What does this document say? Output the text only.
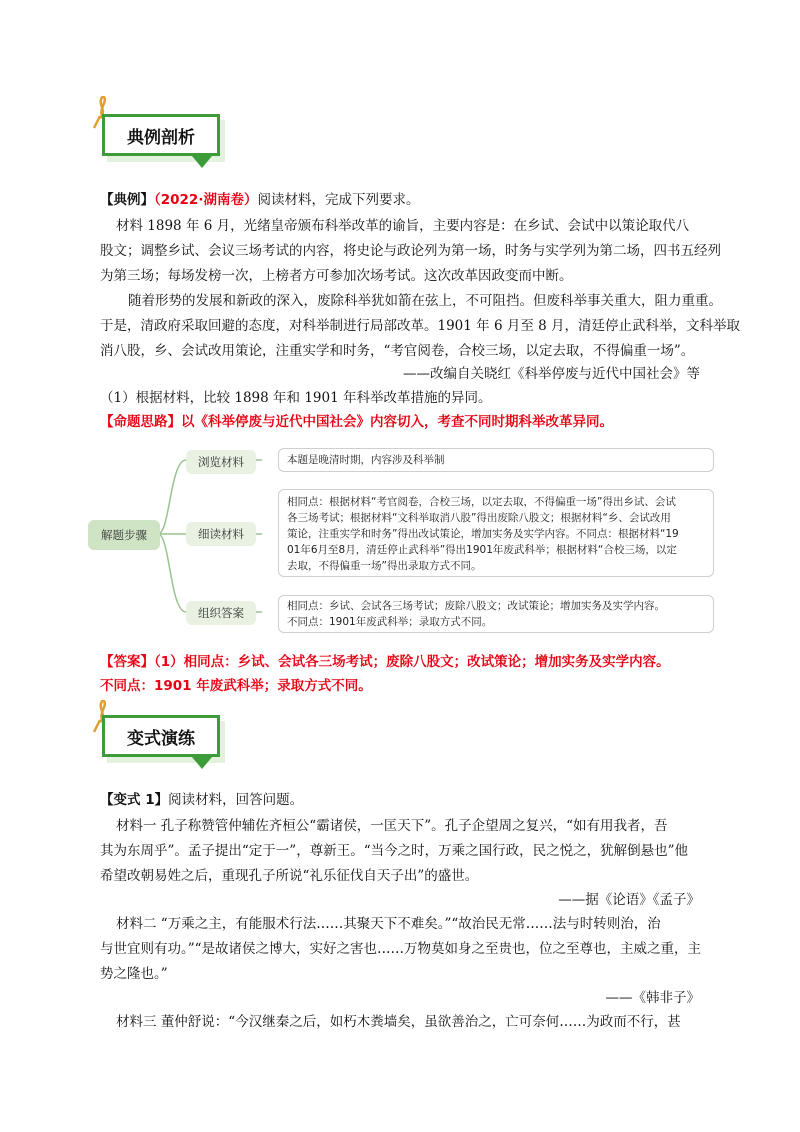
典例剖析
【典例】（2022·湖南卷）阅读材料，完成下列要求。
材料 1898 年 6 月，光绪皇帝颁布科举改革的谕旨，主要内容是：在乡试、会试中以策论取代八
股文；调整乡试、会议三场考试的内容，将史论与政论列为第一场，时务与实学列为第二场，四书五经列
为第三场；每场发榜一次，上榜者方可参加次场考试。这次改革因政变而中断。
随着形势的发展和新政的深入，废除科举犹如箭在弦上，不可阻挡。但废科举事关重大，阻力重重。
于是，清政府采取回避的态度，对科举制进行局部改革。1901 年 6 月至 8 月，清廷停止武科举，文科举取
消八股，乡、会试改用策论，注重实学和时务，“考官阅卷，合校三场，以定去取，不得偏重一场”。
——改编自关晓红《科举停废与近代中国社会》等
（1）根据材料，比较 1898 年和 1901 年科举改革措施的异同。
【命题思路】以《科举停废与近代中国社会》内容切入，考查不同时期科举改革异同。
解题步骤
浏览材料	本题是晚清时期，内容涉及科举制
细读材料
相同点：根据材料“考官阅卷，合校三场，以定去取，不得偏重一场”得出乡试、会试
各三场考试；根据材料“文科举取消八股”得出废除八股文；根据材料“乡、会试改用
策论，注重实学和时务”得出改试策论，增加实务及实学内容。不同点：根据材料“19
01年6月至8月，清廷停止武科举”得出1901年废武科举；根据材料“合校三场，以定
去取，不得偏重一场”得出录取方式不同。
组织答案	相同点：乡试、会试各三场考试；废除八股文；改试策论；增加实务及实学内容。
不同点：1901年废武科举；录取方式不同。
【答案】（1）相同点：乡试、会试各三场考试；废除八股文；改试策论；增加实务及实学内容。
不同点：1901 年废武科举；录取方式不同。
变式演练
【变式 1】阅读材料，回答问题。
材料一 孔子称赞管仲辅佐齐桓公“霸诸侯，一匡天下”。孔子企望周之复兴，“如有用我者，吾
其为东周乎”。孟子提出“定于一”，尊新王。“当今之时，万乘之国行政，民之悦之，犹解倒悬也”他
希望改朝易姓之后，重现孔子所说“礼乐征伐自天子出”的盛世。
——据《论语》《孟子》
材料二 “万乘之主，有能服术行法……其聚天下不难矣。”“故治民无常……法与时转则治，治
与世宜则有功。”“是故诸侯之博大，实好之害也……万物莫如身之至贵也，位之至尊也，主威之重，主
势之隆也。”
——《韩非子》
材料三 董仲舒说：“今汉继秦之后，如朽木粪墙矣，虽欲善治之，亡可奈何……为政而不行，甚
